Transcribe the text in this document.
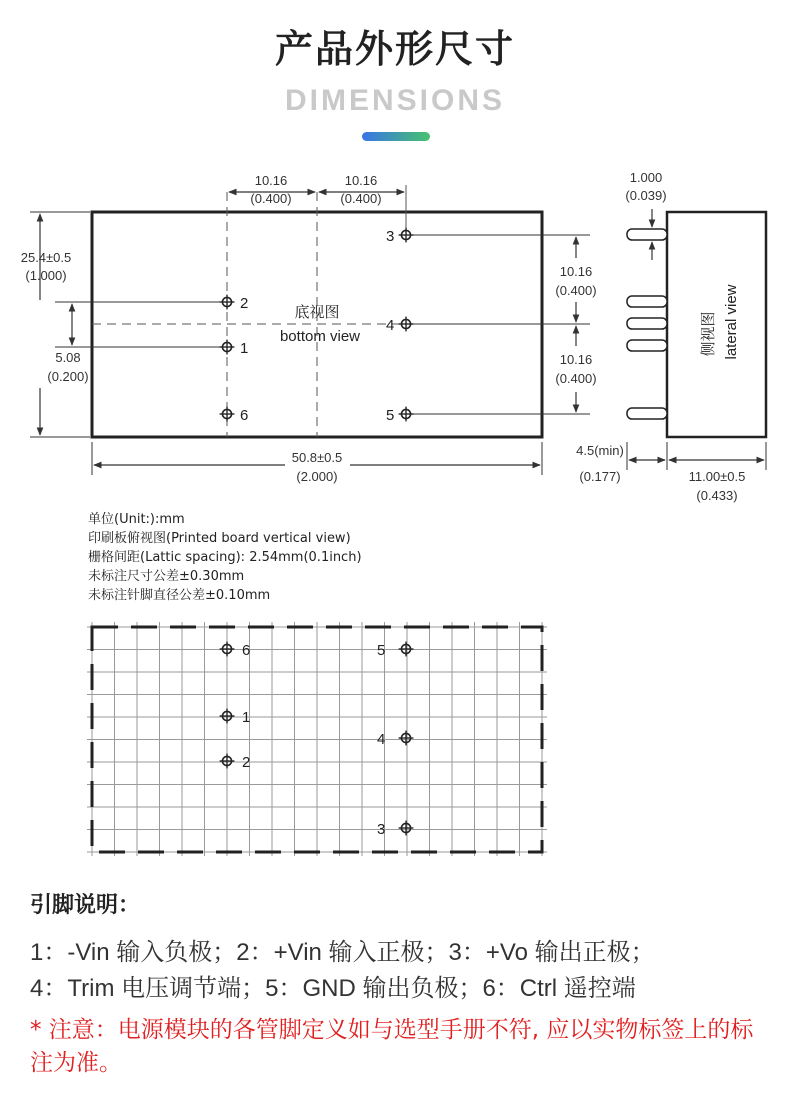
产品外形尺寸
DIMENSIONS
10.16
(0.400)
10.16
(0.400)
25.4±0.5
(1.000)
5.08
(0.200)
10.16
(0.400)
10.16
(0.400)
50.8±0.5
(2.000)
底视图
bottom view
2
1
6
3
4
5
1.000
(0.039)
侧视图 lateral view
4.5(min)
(0.177)	11.00±0.5
(0.433)
6
1
2
5
4
3
单位(Unit:):mm
印刷板俯视图(Printed board vertical view)
栅格间距(Lattic spacing): 2.54mm(0.1inch)
未标注尺寸公差±0.30mm
未标注针脚直径公差±0.10mm
引脚说明：
1：-Vin 输入负极；2：+Vin 输入正极；3：+Vo 输出正极；
4：Trim 电压调节端；5：GND 输出负极；6：Ctrl 遥控端
* 注意：电源模块的各管脚定义如与选型手册不符, 应以实物标签上的标注为准。
